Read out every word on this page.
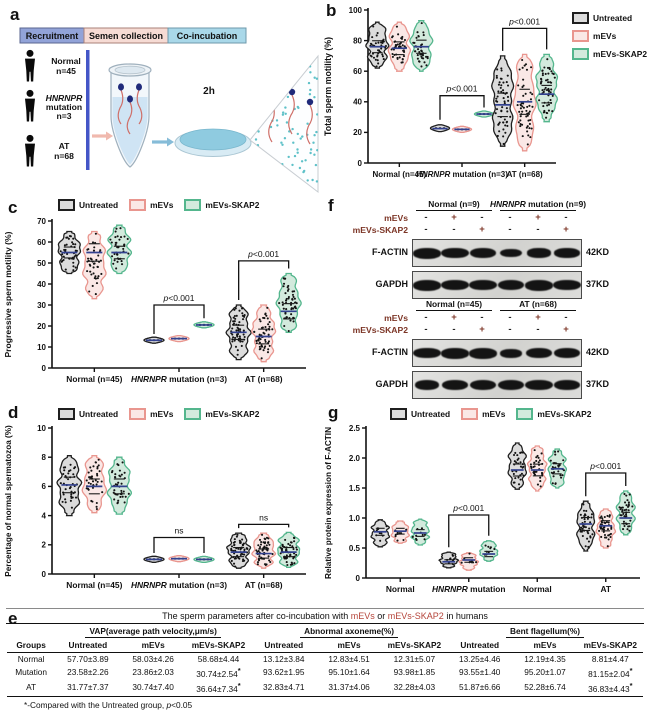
a
Recruitment Semen collection Co-incubation
Normal
n=45
HNRNPR
mutation
n=3
AT
n=68
2h
b
0
20
40
60
80
100
Total sperm motility (%)
Normal (n=45)
HNRNPR mutation (n=3)
AT (n=68)
p<0.001
p<0.001	Untreated
mEVs
mEVs-SKAP2
c
0
10
20
30
40
50
60
70
Progressive sperm motility (%)
Normal (n=45) HNRNPR mutation (n=3) AT (n=68)
p<0.001
p<0.001
Untreated	mEVs	mEVs-SKAP2	f	Normal (n=9) HNRNPR mutation (n=9)
mEVs - + -	- + -
mEVs-SKAP2 -	- + -	- +
F-ACTIN	42KD
GAPDH	37KD
Normal (n=45)	AT (n=68)
mEVs - + -	- + -
mEVs-SKAP2 -	- + -	- +
F-ACTIN	42KD
GAPDH	37KD
d
0
2
4
6
8
10
Percentage of normal spermatozoa (%)
Normal (n=45) HNRNPR mutation (n=3) AT (n=68)
ns
ns
Untreated	mEVs	mEVs-SKAP2	g
0
0.5
1.0
1.5
2.0
2.5
Relative protein expression of F-ACTIN
Normal HNRNPR mutation Normal	AT
p<0.001
p<0.001
Untreated	mEVs	mEVs-SKAP2
e	The sperm parameters after co-incubation with mEVs or mEVs-SKAP2 in humans
	VAP(average path velocity,μm/s)			Abnormal axoneme(%)			Bent flagellum(%)		
Groups	Untreated	mEVs	mEVs-SKAP2	Untreated	mEVs	mEVs-SKAP2	Untreated	mEVs	mEVs-SKAP2
Normal	57.70±3.89	58.03±4.26	58.68±4.44	13.12±3.84	12.83±4.51	12.31±5.07	13.25±4.46	12.19±4.35	8.81±4.47
Mutation	23.58±2.26	23.86±2.03	30.74±2.54*	93.62±1.95	95.10±1.64	93.98±1.85	93.55±1.40	95.20±1.07	81.15±2.04*
AT	31.77±7.37	30.74±7.40	36.64±7.34*	32.83±4.71	31.37±4.06	32.28±4.03	51.87±6.66	52.28±6.74	36.83±4.43*
*-Compared with the Untreated group, p<0.05
